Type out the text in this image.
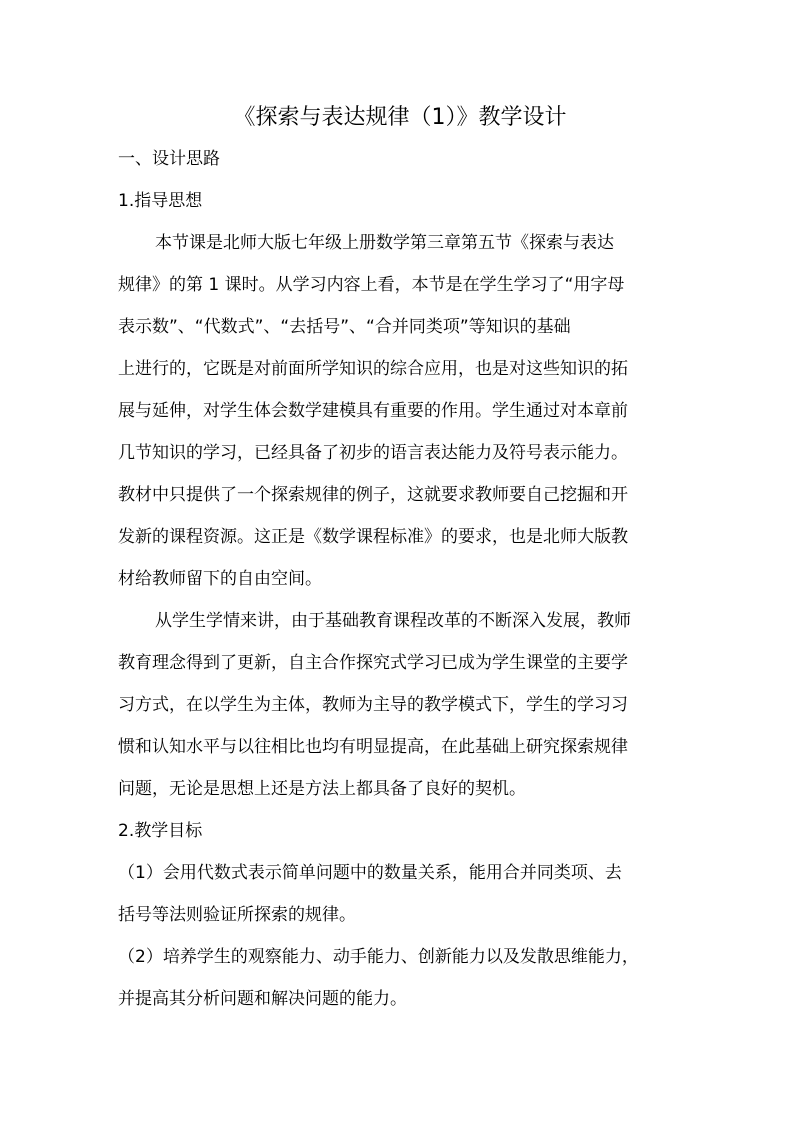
《探索与表达规律（1）》教学设计
一、设计思路
1.指导思想
本节课是北师大版七年级上册数学第三章第五节《探索与表达
规律》的第 1 课时。从学习内容上看，本节是在学生学习了“用字母
表示数”、“代数式”、“去括号”、“合并同类项”等知识的基础
上进行的，它既是对前面所学知识的综合应用，也是对这些知识的拓
展与延伸，对学生体会数学建模具有重要的作用。学生通过对本章前
几节知识的学习，已经具备了初步的语言表达能力及符号表示能力。
教材中只提供了一个探索规律的例子，这就要求教师要自己挖掘和开
发新的课程资源。这正是《数学课程标准》的要求，也是北师大版教
材给教师留下的自由空间。
从学生学情来讲，由于基础教育课程改革的不断深入发展，教师
教育理念得到了更新，自主合作探究式学习已成为学生课堂的主要学
习方式，在以学生为主体，教师为主导的教学模式下，学生的学习习
惯和认知水平与以往相比也均有明显提高，在此基础上研究探索规律
问题，无论是思想上还是方法上都具备了良好的契机。
2.教学目标
（1）会用代数式表示简单问题中的数量关系，能用合并同类项、去
括号等法则验证所探索的规律。
（2）培养学生的观察能力、动手能力、创新能力以及发散思维能力，
并提高其分析问题和解决问题的能力。
